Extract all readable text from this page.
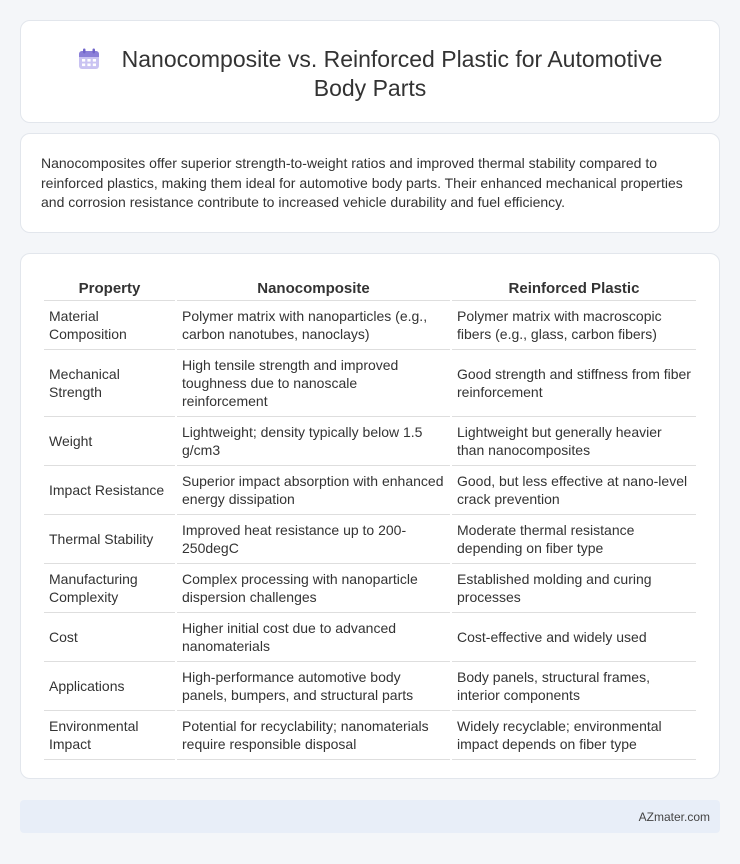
Nanocomposite vs. Reinforced Plastic for Automotive Body Parts

Nanocomposites offer superior strength-to-weight ratios and improved thermal stability compared to reinforced plastics, making them ideal for automotive body parts. Their enhanced mechanical properties and corrosion resistance contribute to increased vehicle durability and fuel efficiency.

Property	Nanocomposite	Reinforced Plastic
Material Composition	Polymer matrix with nanoparticles (e.g., carbon nanotubes, nanoclays)	Polymer matrix with macroscopic fibers (e.g., glass, carbon fibers)
Mechanical Strength	High tensile strength and improved toughness due to nanoscale reinforcement	Good strength and stiffness from fiber reinforcement
Weight	Lightweight; density typically below 1.5 g/cm3	Lightweight but generally heavier than nanocomposites
Impact Resistance	Superior impact absorption with enhanced energy dissipation	Good, but less effective at nano-level crack prevention
Thermal Stability	Improved heat resistance up to 200-250degC	Moderate thermal resistance depending on fiber type
Manufacturing Complexity	Complex processing with nanoparticle dispersion challenges	Established molding and curing processes
Cost	Higher initial cost due to advanced nanomaterials	Cost-effective and widely used
Applications	High-performance automotive body panels, bumpers, and structural parts	Body panels, structural frames, interior components
Environmental Impact	Potential for recyclability; nanomaterials require responsible disposal	Widely recyclable; environmental impact depends on fiber type
AZmater.com
